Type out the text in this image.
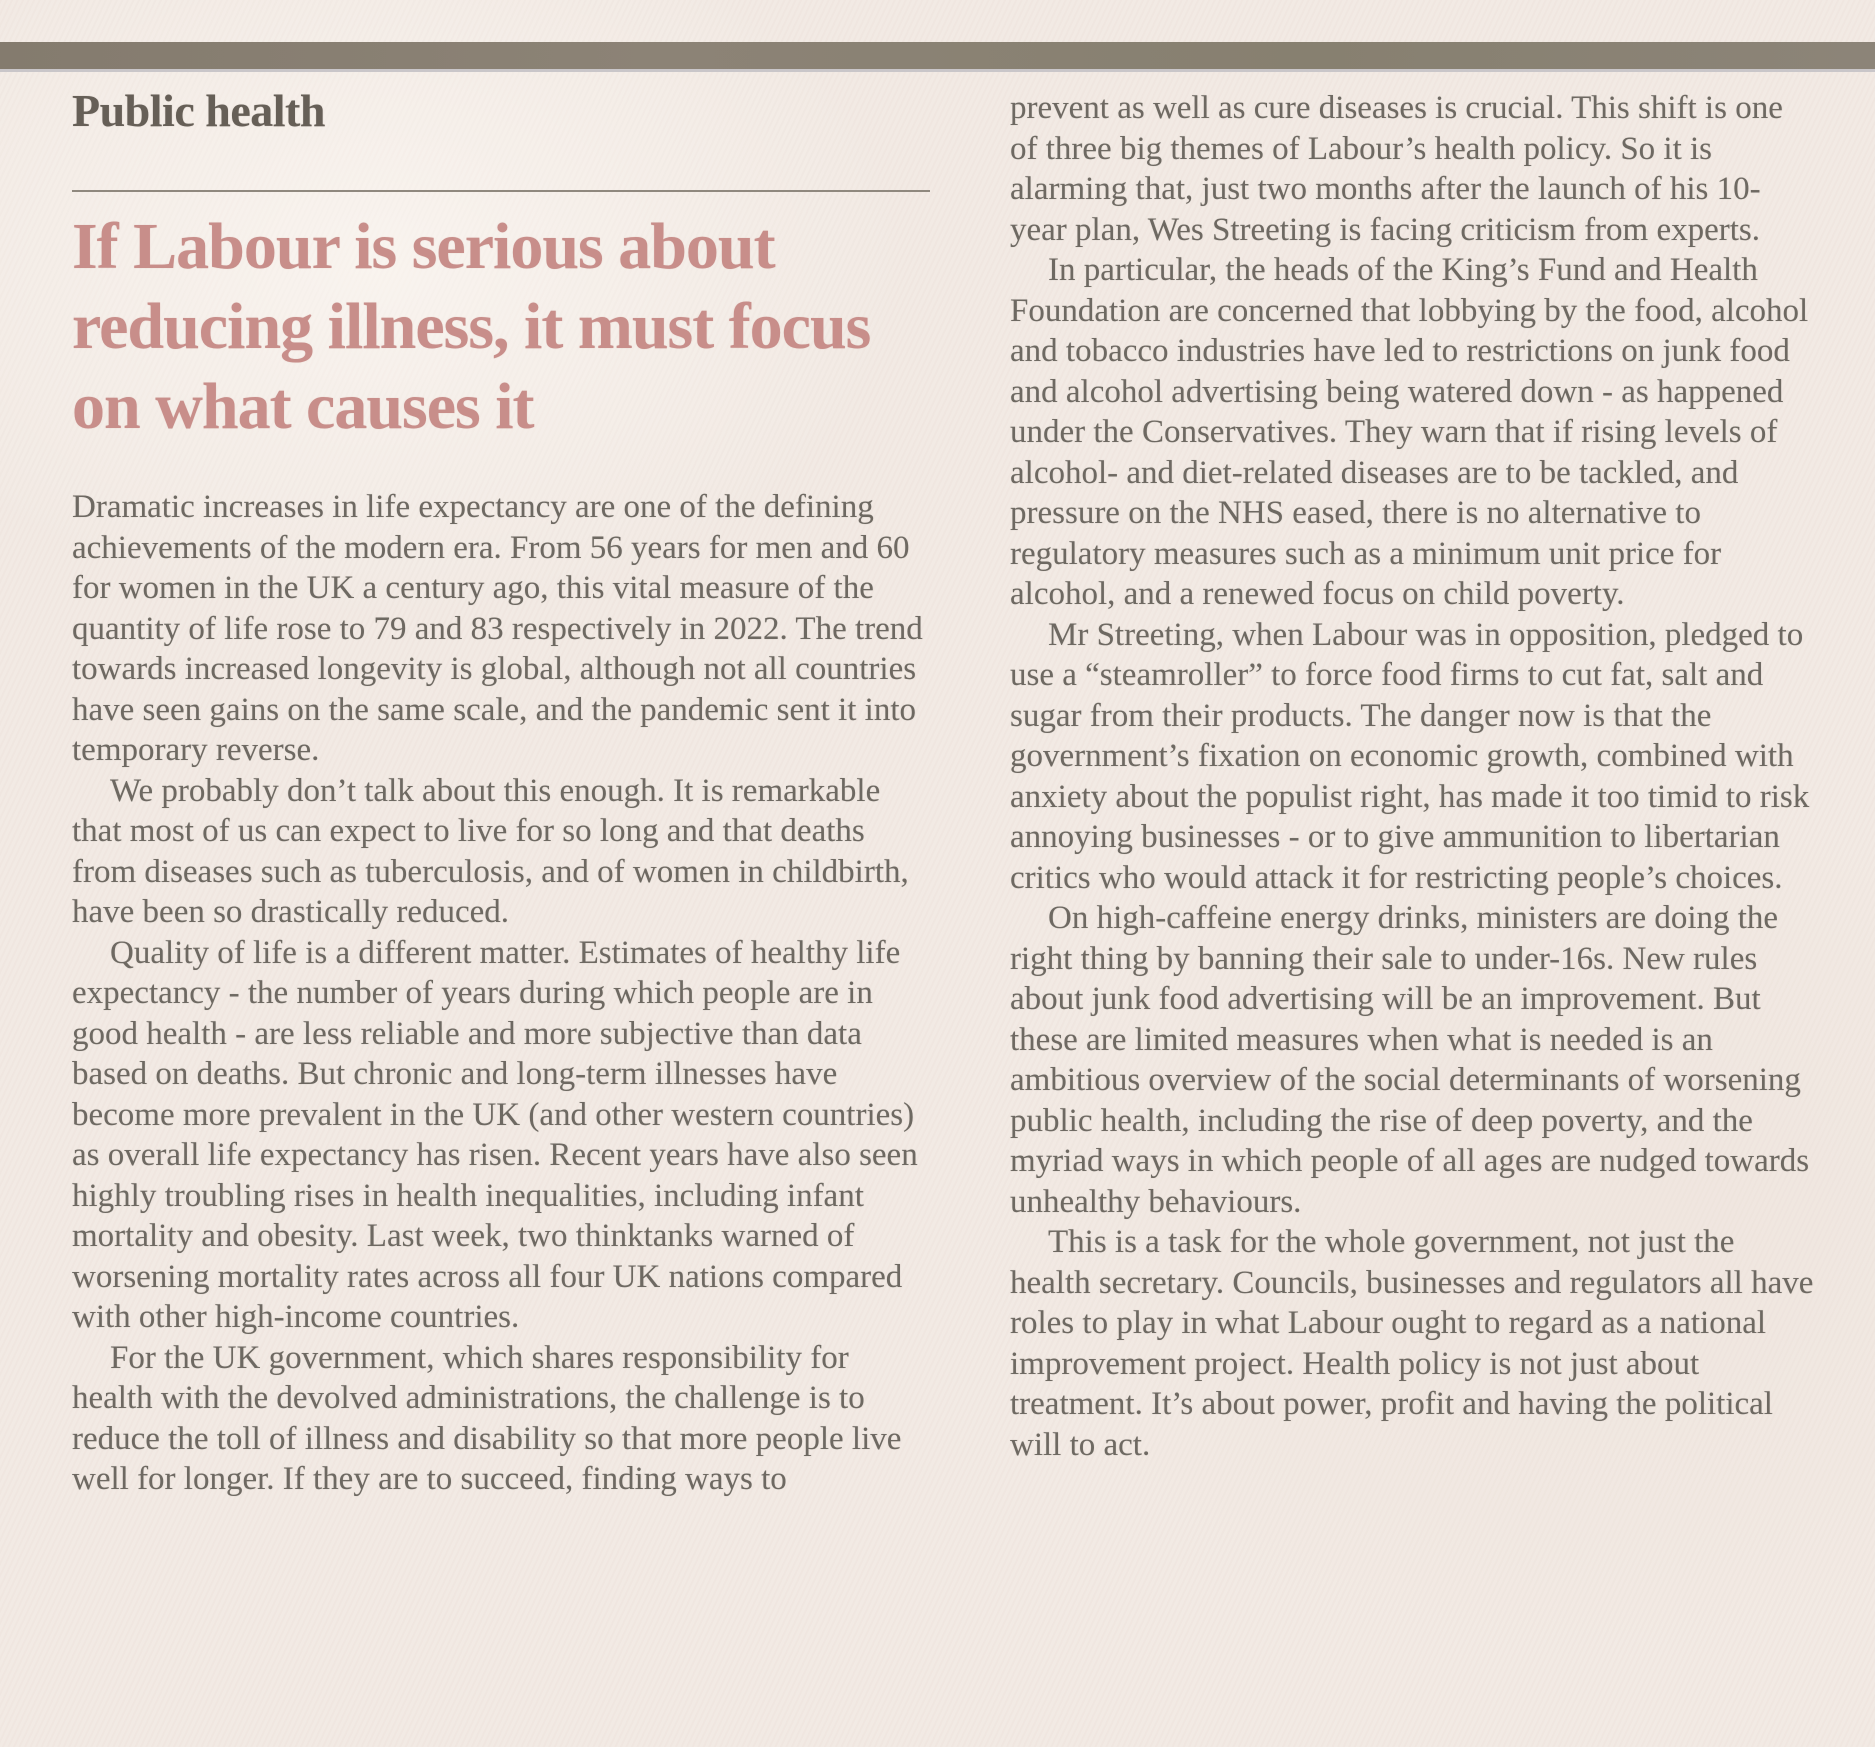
Public health
If Labour is serious about reducing illness, it must focus on what causes it

Dramatic increases in life expectancy are one of the defining achievements of the modern era. From 56 years for men and 60 for women in the UK a century ago, this vital measure of the quantity of life rose to 79 and 83 respectively in 2022. The trend towards increased longevity is global, although not all countries have seen gains on the same scale, and the pandemic sent it into temporary reverse.

We probably don’t talk about this enough. It is remarkable that most of us can expect to live for so long and that deaths from diseases such as tuberculosis, and of women in childbirth, have been so drastically reduced.

Quality of life is a different matter. Estimates of healthy life expectancy - the number of years during which people are in good health - are less reliable and more subjective than data based on deaths. But chronic and long-term illnesses have become more prevalent in the UK (and other western countries) as overall life expectancy has risen. Recent years have also seen highly troubling rises in health inequalities, including infant mortality and obesity. Last week, two thinktanks warned of worsening mortality rates across all four UK nations compared with other high-income countries.

For the UK government, which shares responsibility for health with the devolved administrations, the challenge is to reduce the toll of illness and disability so that more people live well for longer. If they are to succeed, finding ways to

prevent as well as cure diseases is crucial. This shift is one of three big themes of Labour’s health policy. So it is alarming that, just two months after the launch of his 10-year plan, Wes Streeting is facing criticism from experts.

In particular, the heads of the King’s Fund and Health Foundation are concerned that lobbying by the food, alcohol and tobacco industries have led to restrictions on junk food and alcohol advertising being watered down - as happened under the Conservatives. They warn that if rising levels of alcohol- and diet-related diseases are to be tackled, and pressure on the NHS eased, there is no alternative to regulatory measures such as a minimum unit price for alcohol, and a renewed focus on child poverty.

Mr Streeting, when Labour was in opposition, pledged to use a “steamroller” to force food firms to cut fat, salt and sugar from their products. The danger now is that the government’s fixation on economic growth, combined with anxiety about the populist right, has made it too timid to risk annoying businesses - or to give ammunition to libertarian critics who would attack it for restricting people’s choices.

On high-caffeine energy drinks, ministers are doing the right thing by banning their sale to under-16s. New rules about junk food advertising will be an improvement. But these are limited measures when what is needed is an ambitious overview of the social determinants of worsening public health, including the rise of deep poverty, and the myriad ways in which people of all ages are nudged towards unhealthy behaviours.

This is a task for the whole government, not just the health secretary. Councils, businesses and regulators all have roles to play in what Labour ought to regard as a national improvement project. Health policy is not just about treatment. It’s about power, profit and having the political will to act.
